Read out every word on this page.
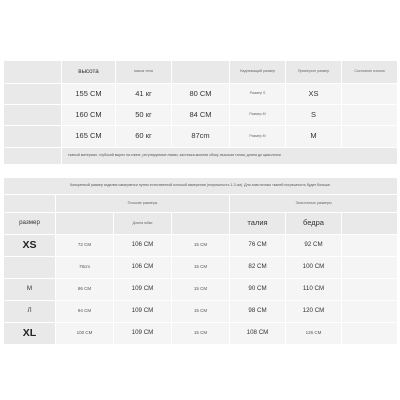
	высота	масса тела		Надлежащий размер	Примерьте размер	Состояние износа
	155 CM	41 кг	80 CM	Размер S	XS	
	160 CM	50 кг	84 CM	Размер М	S	
	165 CM	60 кг	87cm	Размер М	М	
	тканый материал, глубокий вырез на спине, регулируемые лямки, застежка-молния сбоку, высокая талия, длина до щиколотки					
Конкретный размер изделия измеряется путем естественной плоской измерения (погрешность 1-3 см). Для эластичных тканей погрешность будет больше.						
	Плоские размеры			Эластичные размеры		
размер		Длина юбки		талия	бедра	
XS	72 CM	106 CM	15 CM	76 CM	92 CM	
	78cm	106 CM	15 CM	82 CM	100 CM	
M	86 CM	109 CM	15 CM	90 CM	110 CM	
Л	94 CM	109 CM	15 CM	98 CM	120 CM	
XL	100 CM	109 CM	15 CM	108 CM	126 CM	
